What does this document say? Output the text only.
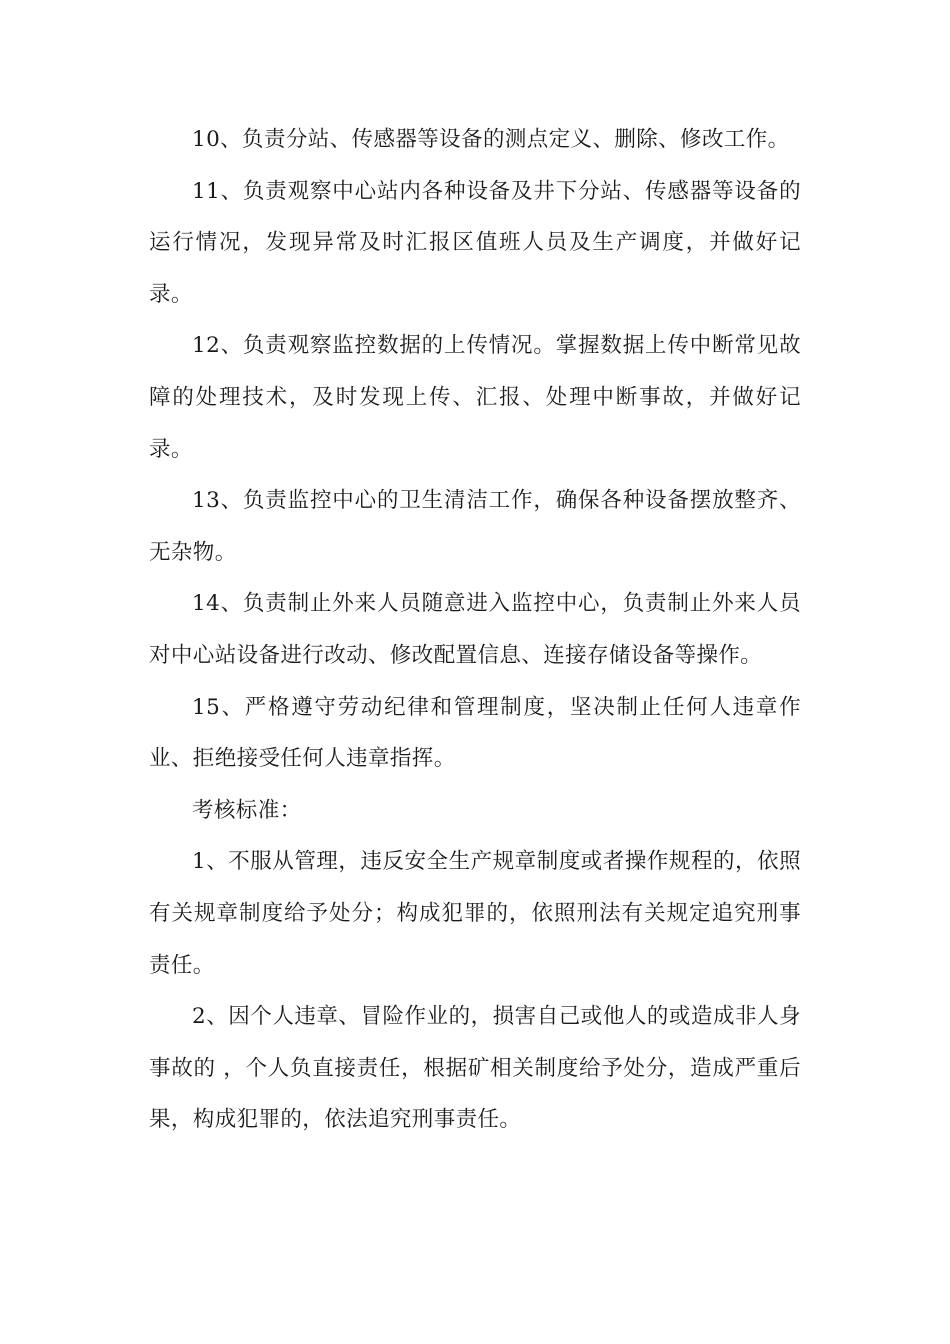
10、负责分站、传感器等设备的测点定义、删除、修改工作。

11、负责观察中心站内各种设备及井下分站、传感器等设备的运行情况，发现异常及时汇报区值班人员及生产调度，并做好记录。

12、负责观察监控数据的上传情况。掌握数据上传中断常见故障的处理技术，及时发现上传、汇报、处理中断事故，并做好记录。

13、负责监控中心的卫生清洁工作，确保各种设备摆放整齐、无杂物。

14、负责制止外来人员随意进入监控中心，负责制止外来人员对中心站设备进行改动、修改配置信息、连接存储设备等操作。

15、严格遵守劳动纪律和管理制度，坚决制止任何人违章作业、拒绝接受任何人违章指挥。

考核标准：

1、不服从管理，违反安全生产规章制度或者操作规程的，依照有关规章制度给予处分；构成犯罪的，依照刑法有关规定追究刑事责任。

2、因个人违章、冒险作业的，损害自己或他人的或造成非人身事故的 ，个人负直接责任，根据矿相关制度给予处分，造成严重后果，构成犯罪的，依法追究刑事责任。
